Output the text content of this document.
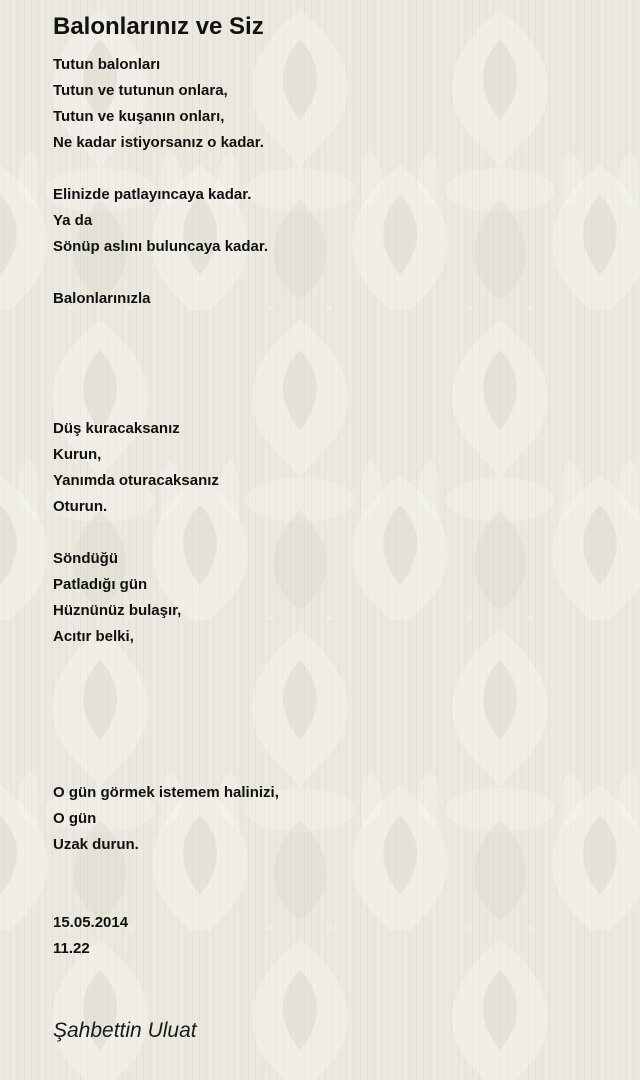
Balonlarınız ve Siz
Tutun balonları
Tutun ve tutunun onlara,
Tutun ve kuşanın onları,
Ne kadar istiyorsanız o kadar.
Elinizde patlayıncaya kadar.
Ya da
Sönüp aslını buluncaya kadar.
Balonlarınızla
Düş kuracaksanız
Kurun,
Yanımda oturacaksanız
Oturun.
Söndüğü
Patladığı gün
Hüznünüz bulaşır,
Acıtır belki,
O gün görmek istemem halinizi,
O gün
Uzak durun.
15.05.2014
11.22
Şahbettin Uluat
